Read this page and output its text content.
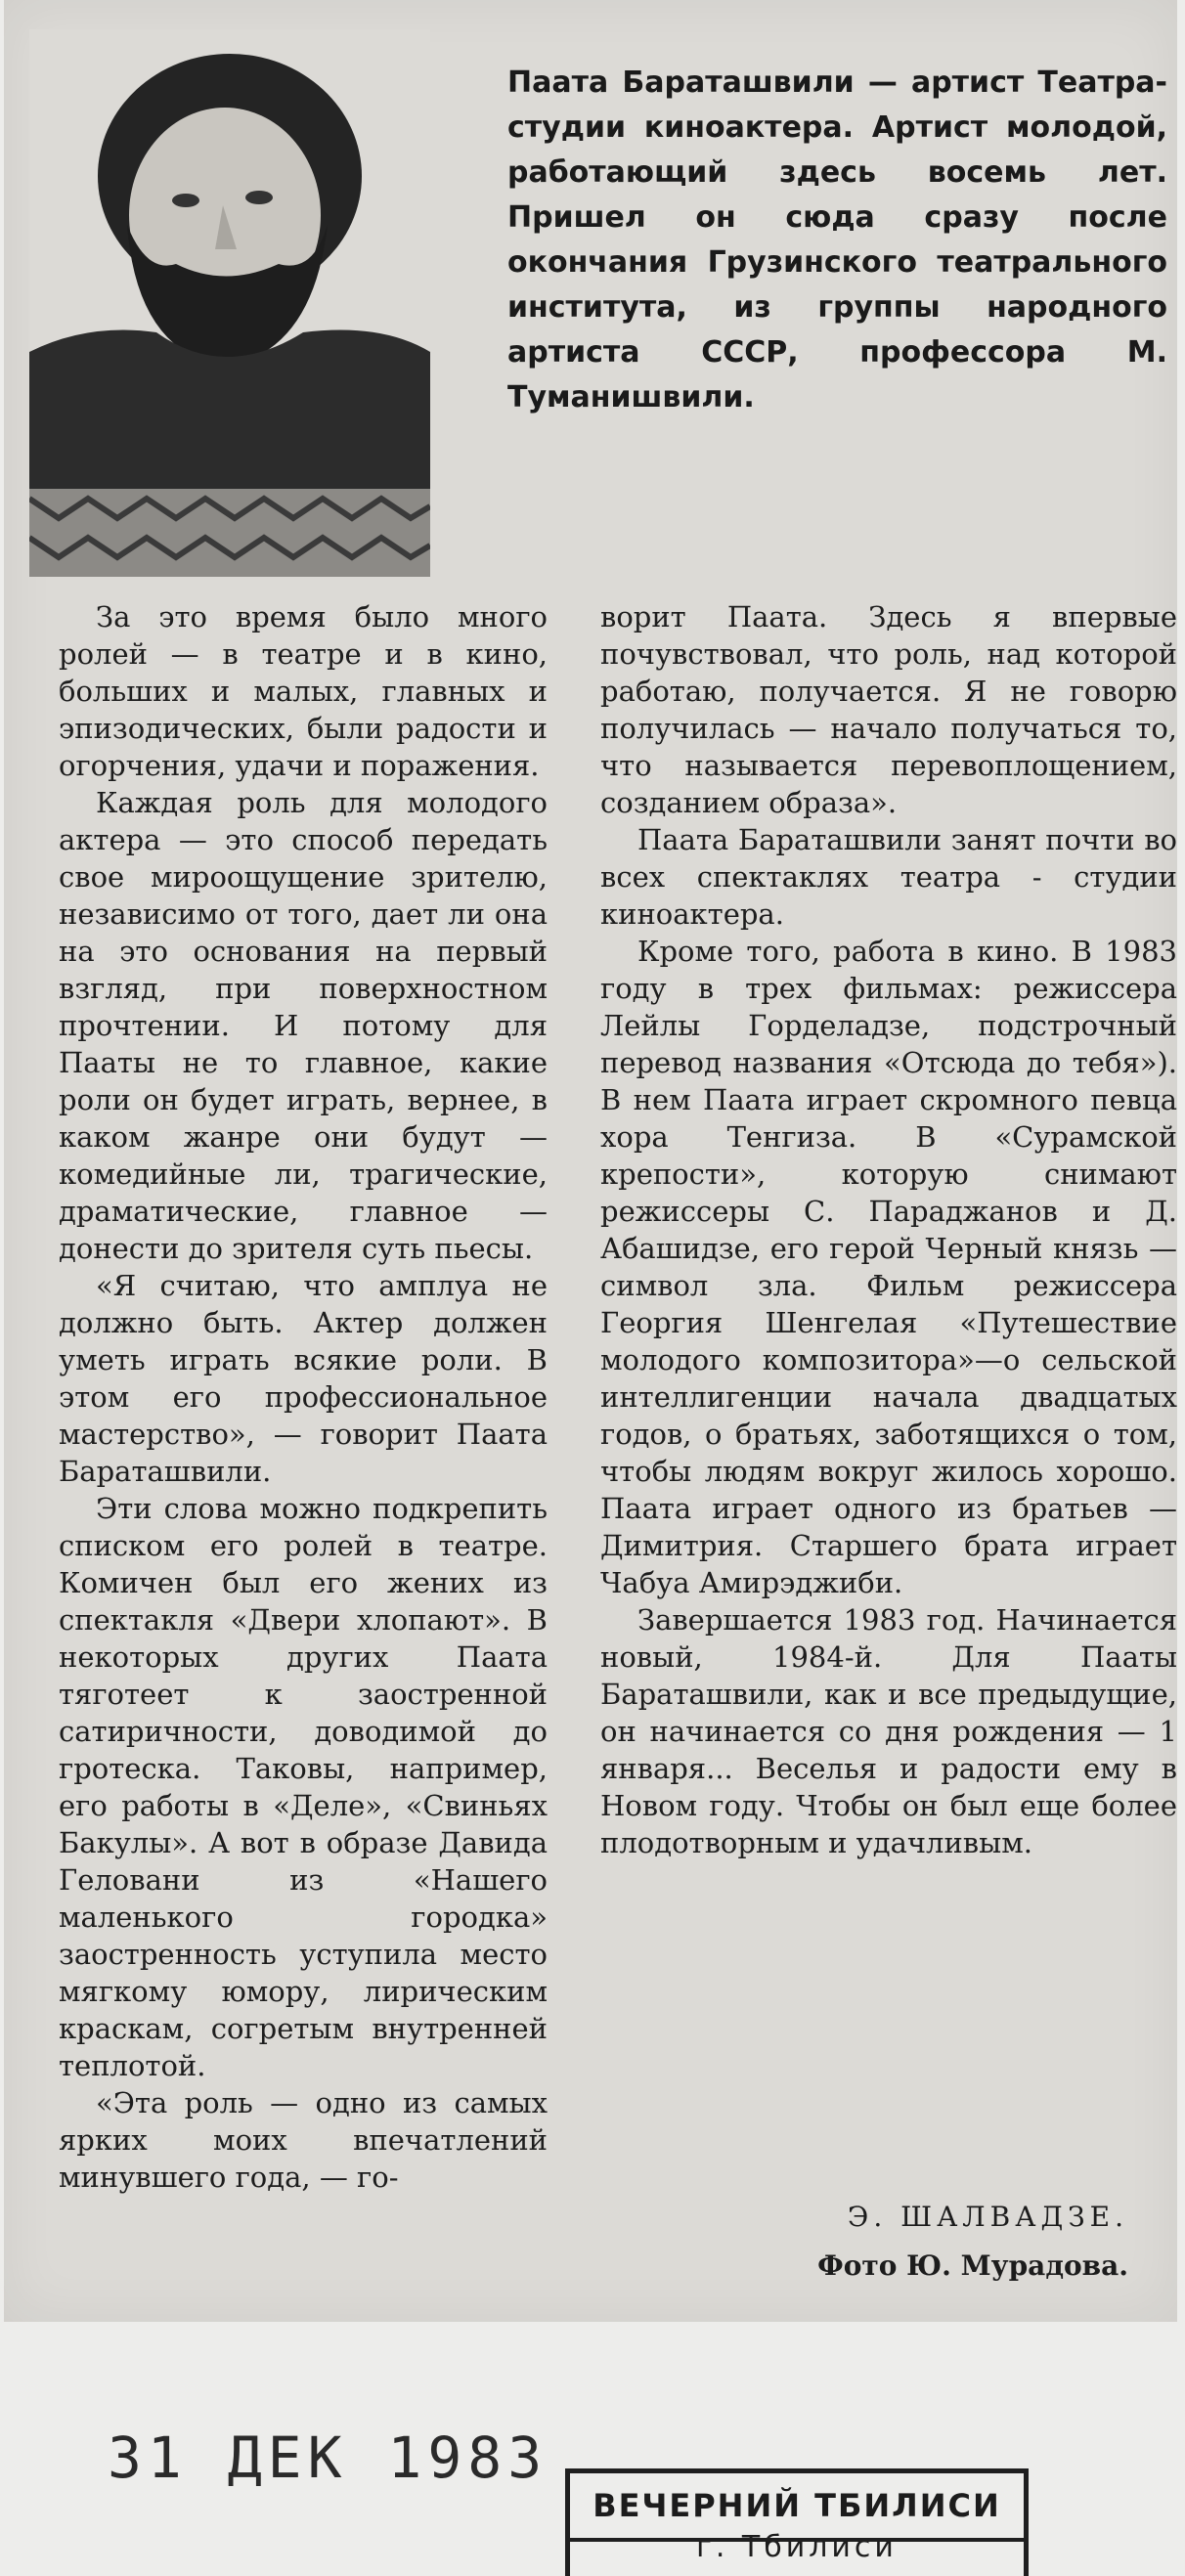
Паата Бараташвили — артист Театра-студии киноактера. Артист молодой, работающий здесь восемь лет. Пришел он сюда сразу после окончания Грузинского театрального института, из группы народного артиста СССР, профессора М. Туманишвили.

За это время было много ролей — в театре и в кино, больших и малых, главных и эпизодических, были радости и огорчения, удачи и поражения.

Каждая роль для молодого актера — это способ передать свое мироощущение зрителю, независимо от того, дает ли она на это основания на первый взгляд, при поверхностном прочтении. И потому для Пааты не то главное, какие роли он будет играть, вернее, в каком жанре они будут — комедийные ли, трагические, драматические, главное — донести до зрителя суть пьесы.

«Я считаю, что амплуа не должно быть. Актер должен уметь играть всякие роли. В этом его профессиональное мастерство», — говорит Паата Бараташвили.

Эти слова можно подкрепить списком его ролей в театре. Комичен был его жених из спектакля «Двери хлопают». В некоторых других Паата тяготеет к заостренной сатиричности, доводимой до гротеска. Таковы, например, его работы в «Деле», «Свиньях Бакулы». А вот в образе Давида Геловани из «Нашего маленького городка» заостренность уступила место мягкому юмору, лирическим краскам, согретым внутренней теплотой.

«Эта роль — одно из самых ярких моих впечатлений минувшего года, — го-

ворит Паата. Здесь я впервые почувствовал, что роль, над которой работаю, получается. Я не говорю получилась — начало получаться то, что называется перевоплощением, созданием образа».

Паата Бараташвили занят почти во всех спектаклях театра - студии киноактера.

Кроме того, работа в кино. В 1983 году в трех фильмах: режиссера Лейлы Горделадзе, подстрочный перевод названия «Отсюда до тебя»). В нем Паата играет скромного певца хора Тенгиза. В «Сурамской крепости», которую снимают режиссеры С. Параджанов и Д. Абашидзе, его герой Черный князь — символ зла. Фильм режиссера Георгия Шенгелая «Путешествие молодого композитора»—о сельской интеллигенции начала двадцатых годов, о братьях, заботящихся о том, чтобы людям вокруг жилось хорошо. Паата играет одного из братьев — Димитрия. Старшего брата играет Чабуа Амирэджиби.

Завершается 1983 год. Начинается новый, 1984-й. Для Пааты Бараташвили, как и все предыдущие, он начинается со дня рождения — 1 января... Веселья и радости ему в Новом году. Чтобы он был еще более плодотворным и удачливым.

Э. ШАЛВАДЗЕ.
Фото Ю. Мурадова.
31 ДЕК 1983
ВЕЧЕРНИЙ ТБИЛИСИ
г. Тбилиси
